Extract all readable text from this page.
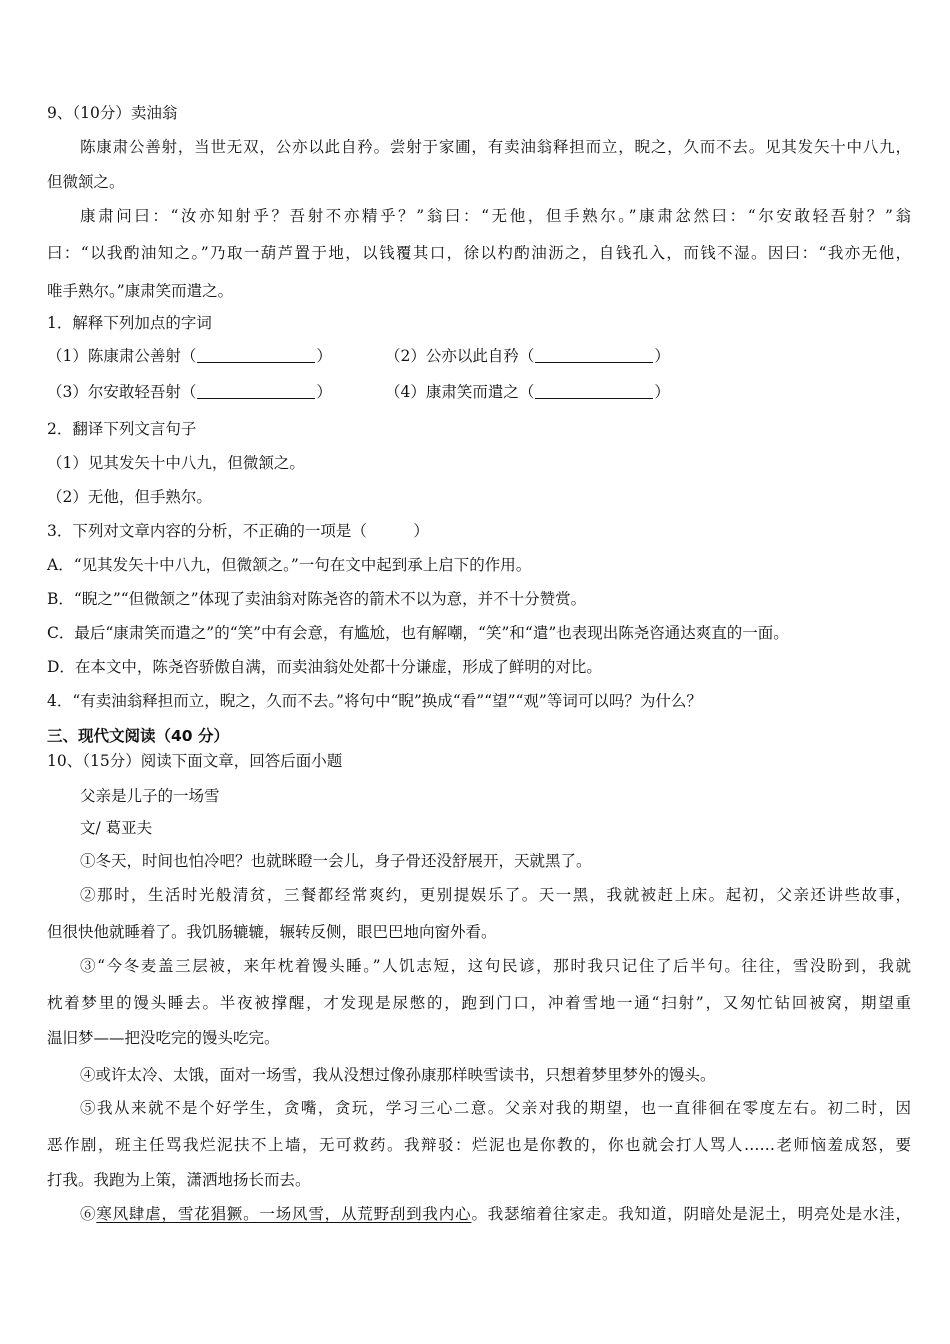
9、（10分）卖油翁
陈康肃公善射，当世无双，公亦以此自矜。尝射于家圃，有卖油翁释担而立，睨之，久而不去。见其发矢十中八九，
但微颔之。
康肃问曰：“汝亦知射乎？吾射不亦精乎？”翁曰：“无他，但手熟尔。”康肃忿然曰：“尔安敢轻吾射？”翁
曰：“以我酌油知之。”乃取一葫芦置于地，以钱覆其口，徐以杓酌油沥之，自钱孔入，而钱不湿。因曰：“我亦无他，
唯手熟尔。”康肃笑而遣之。
1．解释下列加点的字词
（1）陈康肃公善射（	）	（2）公亦以此自矜（	）
（3）尔安敢轻吾射（	）	（4）康肃笑而遣之（	）
2．翻译下列文言句子
（1）见其发矢十中八九，但微颔之。
（2）无他，但手熟尔。
3．下列对文章内容的分析，不正确的一项是（　　　）
A．“见其发矢十中八九，但微颔之。”一句在文中起到承上启下的作用。
B．“睨之”“但微颔之”体现了卖油翁对陈尧咨的箭术不以为意，并不十分赞赏。
C．最后“康肃笑而遣之”的“笑”中有会意，有尴尬，也有解嘲，“笑”和“遣”也表现出陈尧咨通达爽直的一面。
D．在本文中，陈尧咨骄傲自满，而卖油翁处处都十分谦虚，形成了鲜明的对比。
4．“有卖油翁释担而立，睨之，久而不去。”将句中“睨”换成“看”“望”“观”等词可以吗？为什么？
三、现代文阅读（40 分）
10、（15分）阅读下面文章，回答后面小题
父亲是儿子的一场雪
文/ 葛亚夫
①冬天，时间也怕冷吧？也就眯瞪一会儿，身子骨还没舒展开，天就黑了。
②那时，生活时光般清贫，三餐都经常爽约，更别提娱乐了。天一黑，我就被赶上床。起初，父亲还讲些故事，
但很快他就睡着了。我饥肠辘辘，辗转反侧，眼巴巴地向窗外看。
③“今冬麦盖三层被，来年枕着馒头睡。”人饥志短，这句民谚，那时我只记住了后半句。往往，雪没盼到，我就
枕着梦里的馒头睡去。半夜被撑醒，才发现是尿憋的，跑到门口，冲着雪地一通“扫射”，又匆忙钻回被窝，期望重
温旧梦——把没吃完的馒头吃完。
④或许太冷、太饿，面对一场雪，我从没想过像孙康那样映雪读书，只想着梦里梦外的馒头。
⑤我从来就不是个好学生，贪嘴，贪玩，学习三心二意。父亲对我的期望，也一直徘徊在零度左右。初二时，因
恶作剧，班主任骂我烂泥扶不上墙，无可救药。我辩驳：烂泥也是你教的，你也就会打人骂人……老师恼羞成怒，要
打我。我跑为上策，潇洒地扬长而去。
⑥寒风肆虐，雪花猖獗。一场风雪，从荒野刮到我内心。我瑟缩着往家走。我知道，阴暗处是泥土，明亮处是水洼，
